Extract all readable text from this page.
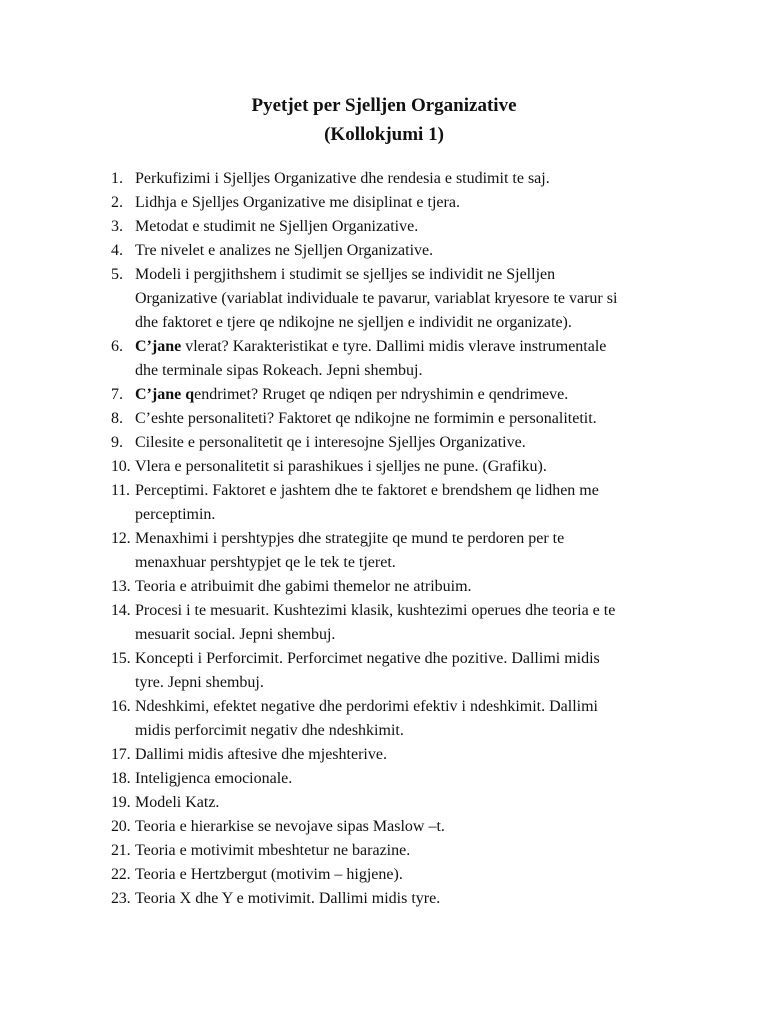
Pyetjet per Sjelljen Organizative
(Kollokjumi 1)
1. Perkufizimi i Sjelljes Organizative dhe rendesia e studimit te saj.
2. Lidhja e Sjelljes Organizative me disiplinat e tjera.
3. Metodat e studimit ne Sjelljen Organizative.
4. Tre nivelet e analizes ne Sjelljen Organizative.
5. Modeli i pergjithshem i studimit se sjelljes se individit ne Sjelljen
Organizative (variablat individuale te pavarur, variablat kryesore te varur si
dhe faktoret e tjere qe ndikojne ne sjelljen e individit ne organizate).
6. C’jane vlerat? Karakteristikat e tyre. Dallimi midis vlerave instrumentale
dhe terminale sipas Rokeach. Jepni shembuj.
7. C’jane qendrimet? Rruget qe ndiqen per ndryshimin e qendrimeve.
8. C’eshte personaliteti? Faktoret qe ndikojne ne formimin e personalitetit.
9. Cilesite e personalitetit qe i interesojne Sjelljes Organizative.
10. Vlera e personalitetit si parashikues i sjelljes ne pune. (Grafiku).
11. Perceptimi. Faktoret e jashtem dhe te faktoret e brendshem qe lidhen me
perceptimin.
12. Menaxhimi i pershtypjes dhe strategjite qe mund te perdoren per te
menaxhuar pershtypjet qe le tek te tjeret.
13. Teoria e atribuimit dhe gabimi themelor ne atribuim.
14. Procesi i te mesuarit. Kushtezimi klasik, kushtezimi operues dhe teoria e te
mesuarit social. Jepni shembuj.
15. Koncepti i Perforcimit. Perforcimet negative dhe pozitive. Dallimi midis
tyre. Jepni shembuj.
16. Ndeshkimi, efektet negative dhe perdorimi efektiv i ndeshkimit. Dallimi
midis perforcimit negativ dhe ndeshkimit.
17. Dallimi midis aftesive dhe mjeshterive.
18. Inteligjenca emocionale.
19. Modeli Katz.
20. Teoria e hierarkise se nevojave sipas Maslow –t.
21. Teoria e motivimit mbeshtetur ne barazine.
22. Teoria e Hertzbergut (motivim – higjene).
23. Teoria X dhe Y e motivimit. Dallimi midis tyre.
